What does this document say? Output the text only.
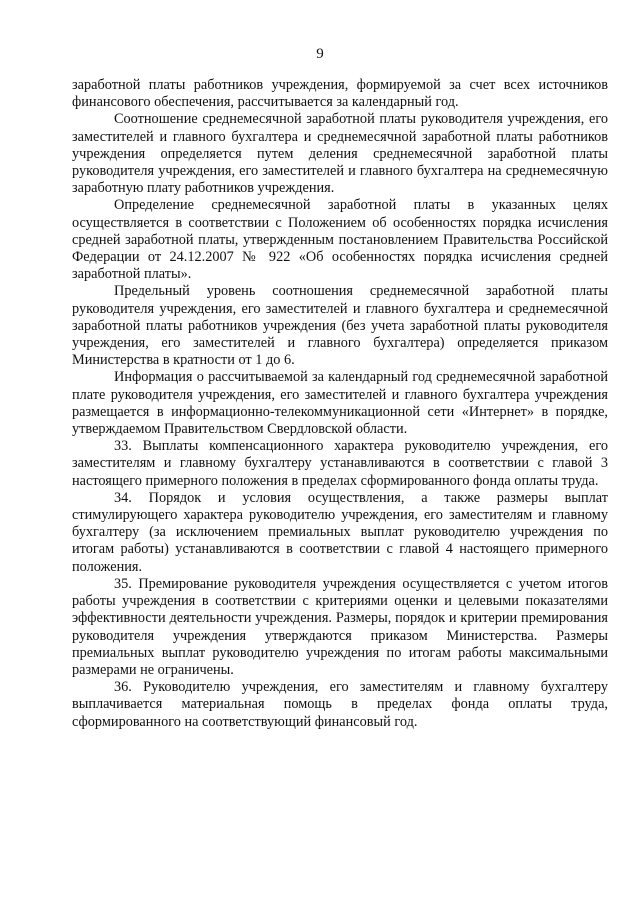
9

заработной платы работников учреждения, формируемой за счет всех источников финансового обеспечения, рассчитывается за календарный год.

Соотношение среднемесячной заработной платы руководителя учреждения, его заместителей и главного бухгалтера и среднемесячной заработной платы работников учреждения определяется путем деления среднемесячной заработной платы руководителя учреждения, его заместителей и главного бухгалтера на среднемесячную заработную плату работников учреждения.

Определение среднемесячной заработной платы в указанных целях осуществляется в соответствии с Положением об особенностях порядка исчисления средней заработной платы, утвержденным постановлением Правительства Российской Федерации от 24.12.2007 № 922 «Об особенностях порядка исчисления средней заработной платы».

Предельный уровень соотношения среднемесячной заработной платы руководителя учреждения, его заместителей и главного бухгалтера и среднемесячной заработной платы работников учреждения (без учета заработной платы руководителя учреждения, его заместителей и главного бухгалтера) определяется приказом Министерства в кратности от 1 до 6.

Информация о рассчитываемой за календарный год среднемесячной заработной плате руководителя учреждения, его заместителей и главного бухгалтера учреждения размещается в информационно-телекоммуникационной сети «Интернет» в порядке, утверждаемом Правительством Свердловской области.

33. Выплаты компенсационного характера руководителю учреждения, его заместителям и главному бухгалтеру устанавливаются в соответствии с главой 3 настоящего примерного положения в пределах сформированного фонда оплаты труда.

34. Порядок и условия осуществления, а также размеры выплат стимулирующего характера руководителю учреждения, его заместителям и главному бухгалтеру (за исключением премиальных выплат руководителю учреждения по итогам работы) устанавливаются в соответствии с главой 4 настоящего примерного положения.

35. Премирование руководителя учреждения осуществляется с учетом итогов работы учреждения в соответствии с критериями оценки и целевыми показателями эффективности деятельности учреждения. Размеры, порядок и критерии премирования руководителя учреждения утверждаются приказом Министерства. Размеры премиальных выплат руководителю учреждения по итогам работы максимальными размерами не ограничены.

36. Руководителю учреждения, его заместителям и главному бухгалтеру выплачивается материальная помощь в пределах фонда оплаты труда, сформированного на соответствующий финансовый год.
